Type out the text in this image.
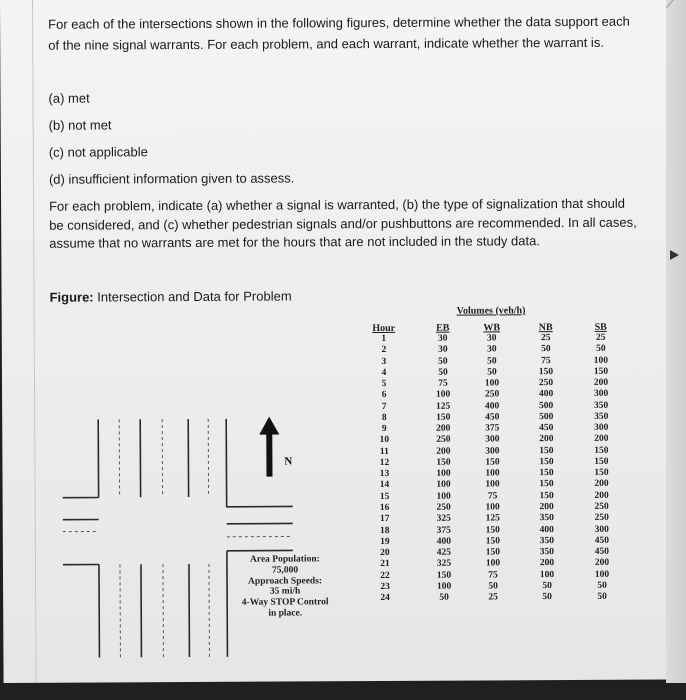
For each of the intersections shown in the following figures, determine whether the data support each of the nine signal warrants. For each problem, and each warrant, indicate whether the warrant is.

(a) met
(b) not met
(c) not applicable
(d) insufficient information given to assess.
For each problem, indicate (a) whether a signal is warranted, (b) the type of signalization that should be considered, and (c) whether pedestrian signals and/or pushbuttons are recommended. In all cases, assume that no warrants are met for the hours that are not included in the study data.
Figure: Intersection and Data for Problem
N
Area Population:
75,000
Approach Speeds:
35 mi/h
4-Way STOP Control
in place.
Volumes (veh/h)
Hour
1
2
3
4
5
6
7
8
9
10
11
12
13
14
15
16
17
18
19
20
21
22
23
24
EB
30
30
50
50
75
100
125
150
200
250
200
150
100
100
100
250
325
375
400
425
325
150
100
50
WB
30
30
50
50
100
250
400
450
375
300
300
150
100
100
75
100
125
150
150
150
100
75
50
25
NB
25
50
75
150
250
400
500
500
450
200
150
150
150
150
150
200
350
400
350
350
200
100
50
50
SB
25
50
100
150
200
300
350
350
300
200
150
150
150
200
200
250
250
300
450
450
200
100
50
50
